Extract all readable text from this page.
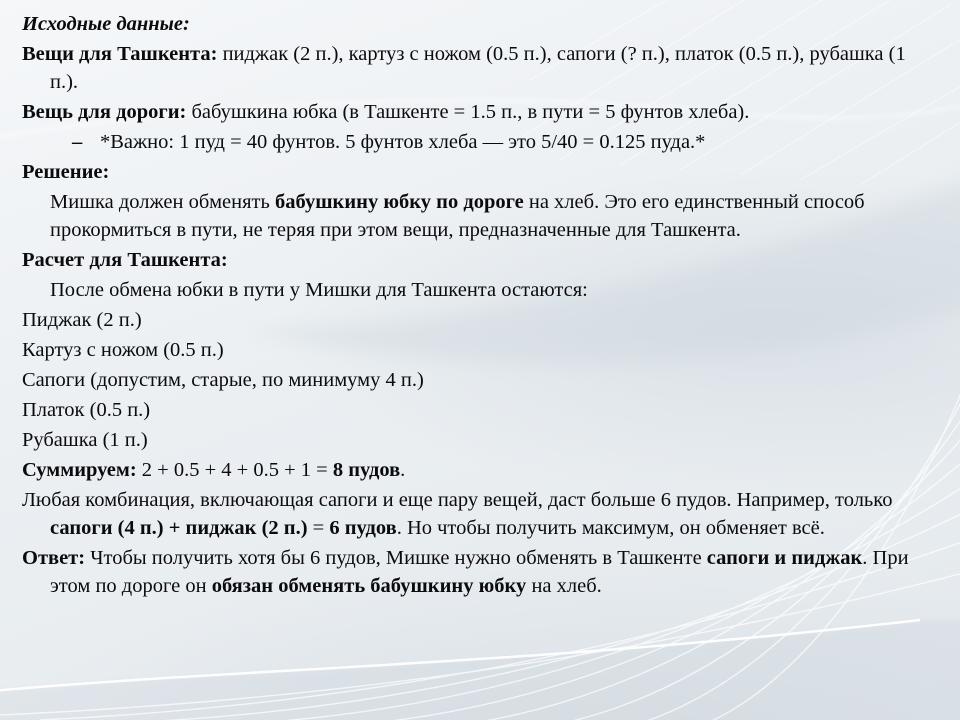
Исходные данные:

Вещи для Ташкента: пиджак (2 п.), картуз с ножом (0.5 п.), сапоги (? п.), платок (0.5 п.), рубашка (1 п.).

Вещь для дороги: бабушкина юбка (в Ташкенте = 1.5 п., в пути = 5 фунтов хлеба).

– *Важно: 1 пуд = 40 фунтов. 5 фунтов хлеба — это 5/40 = 0.125 пуда.*

Решение:

Мишка должен обменять бабушкину юбку по дороге на хлеб. Это его единственный способ прокормиться в пути, не теряя при этом вещи, предназначенные для Ташкента.

Расчет для Ташкента:

После обмена юбки в пути у Мишки для Ташкента остаются:

Пиджак (2 п.)

Картуз с ножом (0.5 п.)

Сапоги (допустим, старые, по минимуму 4 п.)

Платок (0.5 п.)

Рубашка (1 п.)

Суммируем: 2 + 0.5 + 4 + 0.5 + 1 = 8 пудов.

Любая комбинация, включающая сапоги и еще пару вещей, даст больше 6 пудов. Например, только сапоги (4 п.) + пиджак (2 п.) = 6 пудов. Но чтобы получить максимум, он обменяет всё.

Ответ: Чтобы получить хотя бы 6 пудов, Мишке нужно обменять в Ташкенте сапоги и пиджак. При этом по дороге он обязан обменять бабушкину юбку на хлеб.
